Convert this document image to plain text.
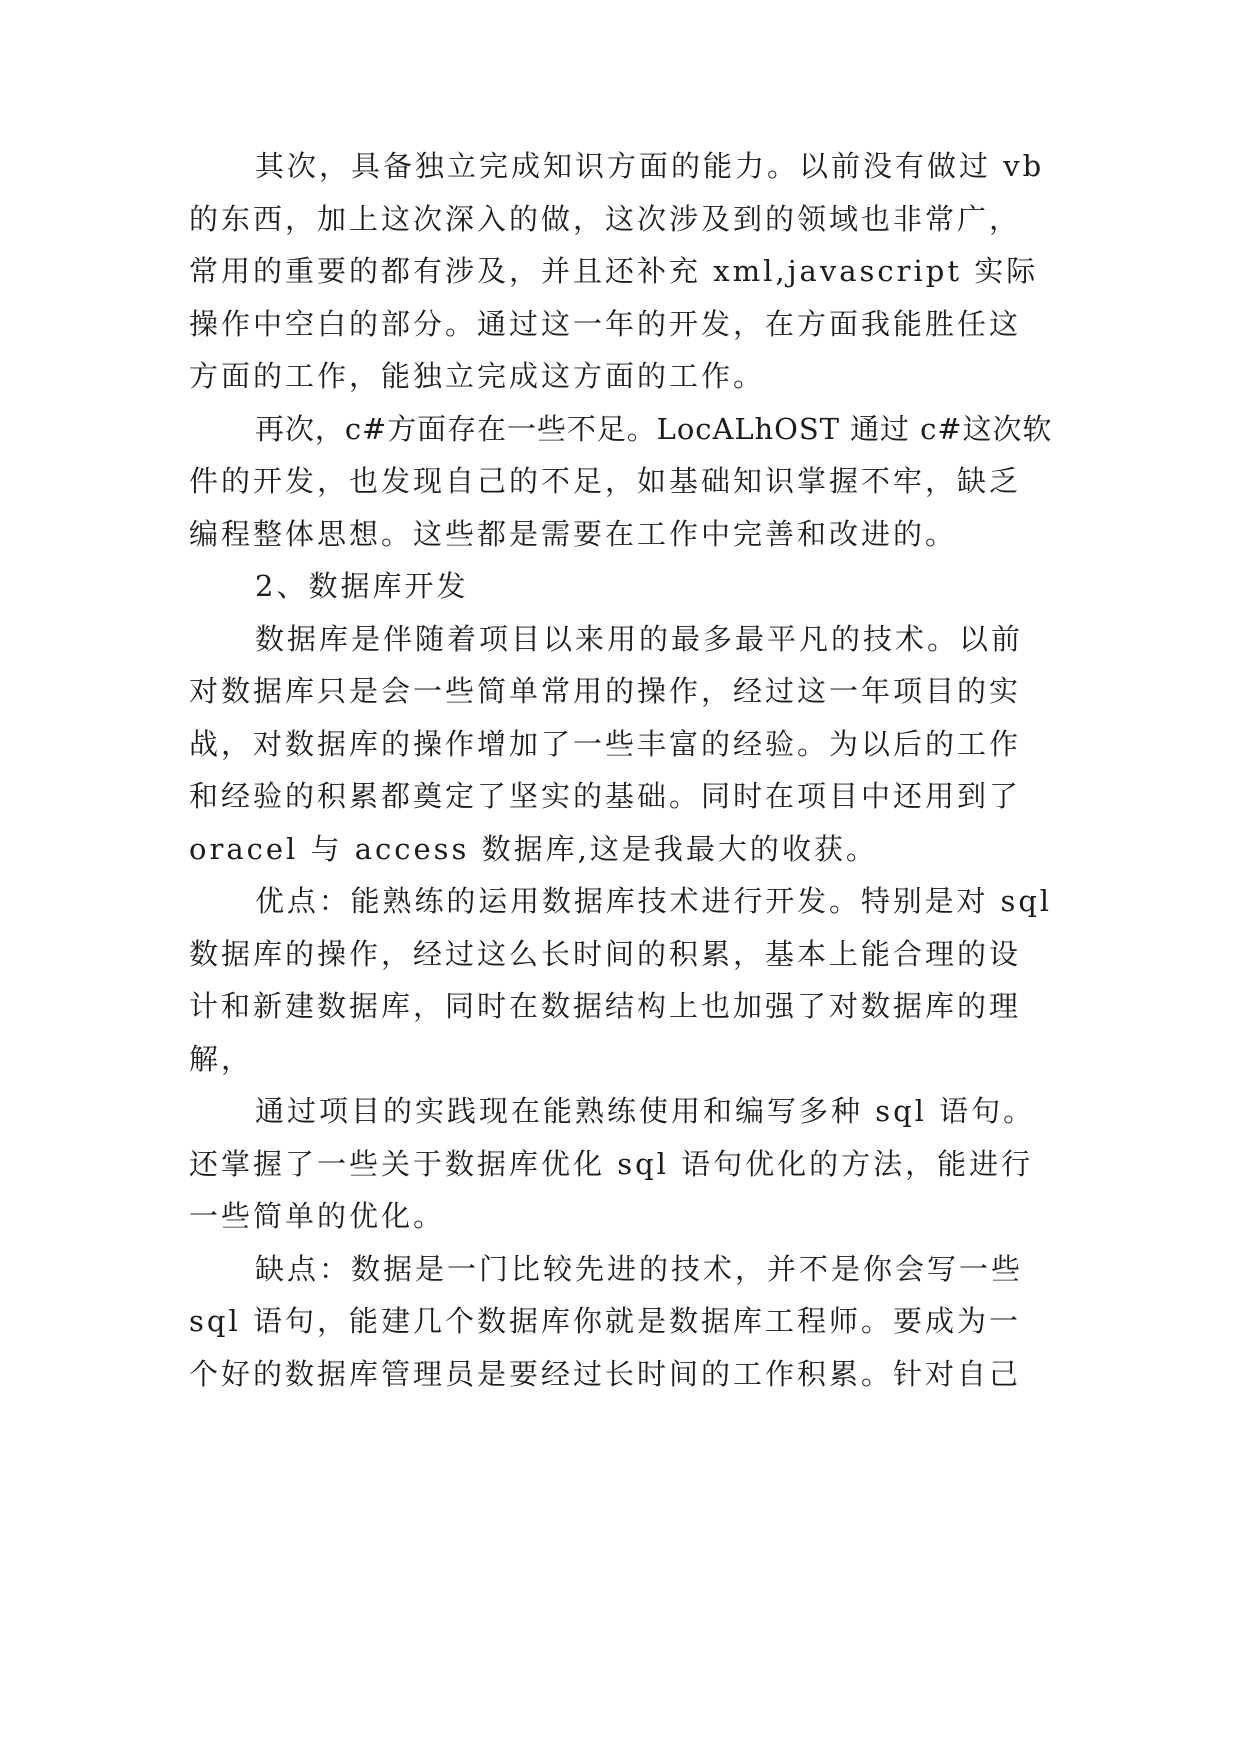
其次，具备独立完成知识方面的能力。以前没有做过 vb

的东西，加上这次深入的做，这次涉及到的领域也非常广，

常用的重要的都有涉及，并且还补充 xml,javascript 实际

操作中空白的部分。通过这一年的开发，在方面我能胜任这

方面的工作，能独立完成这方面的工作。

再次，c#方面存在一些不足。LocALhOST 通过 c#这次软

件的开发，也发现自己的不足，如基础知识掌握不牢，缺乏

编程整体思想。这些都是需要在工作中完善和改进的。

2、数据库开发

数据库是伴随着项目以来用的最多最平凡的技术。以前

对数据库只是会一些简单常用的操作，经过这一年项目的实

战，对数据库的操作增加了一些丰富的经验。为以后的工作

和经验的积累都奠定了坚实的基础。同时在项目中还用到了

oracel 与 access 数据库,这是我最大的收获。

优点：能熟练的运用数据库技术进行开发。特别是对 sql

数据库的操作，经过这么长时间的积累，基本上能合理的设

计和新建数据库，同时在数据结构上也加强了对数据库的理

解，

通过项目的实践现在能熟练使用和编写多种 sql 语句。

还掌握了一些关于数据库优化 sql 语句优化的方法，能进行

一些简单的优化。

缺点：数据是一门比较先进的技术，并不是你会写一些

sql 语句，能建几个数据库你就是数据库工程师。要成为一

个好的数据库管理员是要经过长时间的工作积累。针对自己
